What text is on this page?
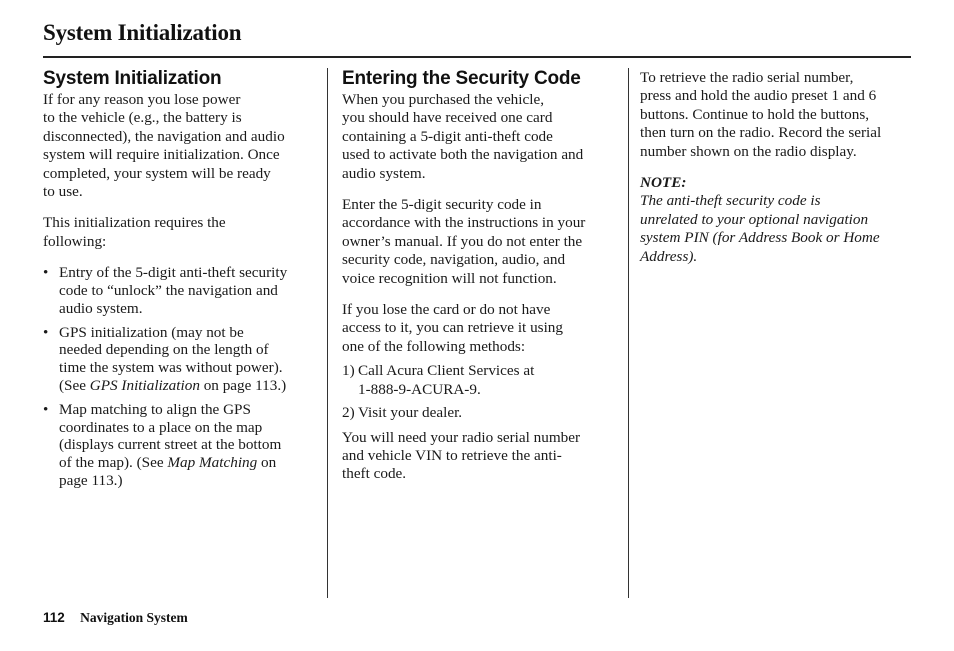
System Initialization
System Initialization

If for any reason you lose power
to the vehicle (e.g., the battery is
disconnected), the navigation and audio
system will require initialization. Once
completed, your system will be ready
to use.

This initialization requires the
following:

• Entry of the 5-digit anti-theft security
code to “unlock” the navigation and
audio system.
• GPS initialization (may not be
needed depending on the length of
time the system was without power).
(See GPS Initialization on page 113.)
• Map matching to align the GPS
coordinates to a place on the map
(displays current street at the bottom
of the map). (See Map Matching on
page 113.)
Entering the Security Code

When you purchased the vehicle,
you should have received one card
containing a 5-digit anti-theft code
used to activate both the navigation and
audio system.

Enter the 5-digit security code in
accordance with the instructions in your
owner’s manual. If you do not enter the
security code, navigation, audio, and
voice recognition will not function.

If you lose the card or do not have
access to it, you can retrieve it using
one of the following methods:

1) Call Acura Client Services at
1-888-9-ACURA-9.
2) Visit your dealer.

You will need your radio serial number
and vehicle VIN to retrieve the anti-
theft code.

To retrieve the radio serial number,
press and hold the audio preset 1 and 6
buttons. Continue to hold the buttons,
then turn on the radio. Record the serial
number shown on the radio display.

NOTE:
The anti-theft security code is
unrelated to your optional navigation
system PIN (for Address Book or Home
Address).

112 Navigation System
